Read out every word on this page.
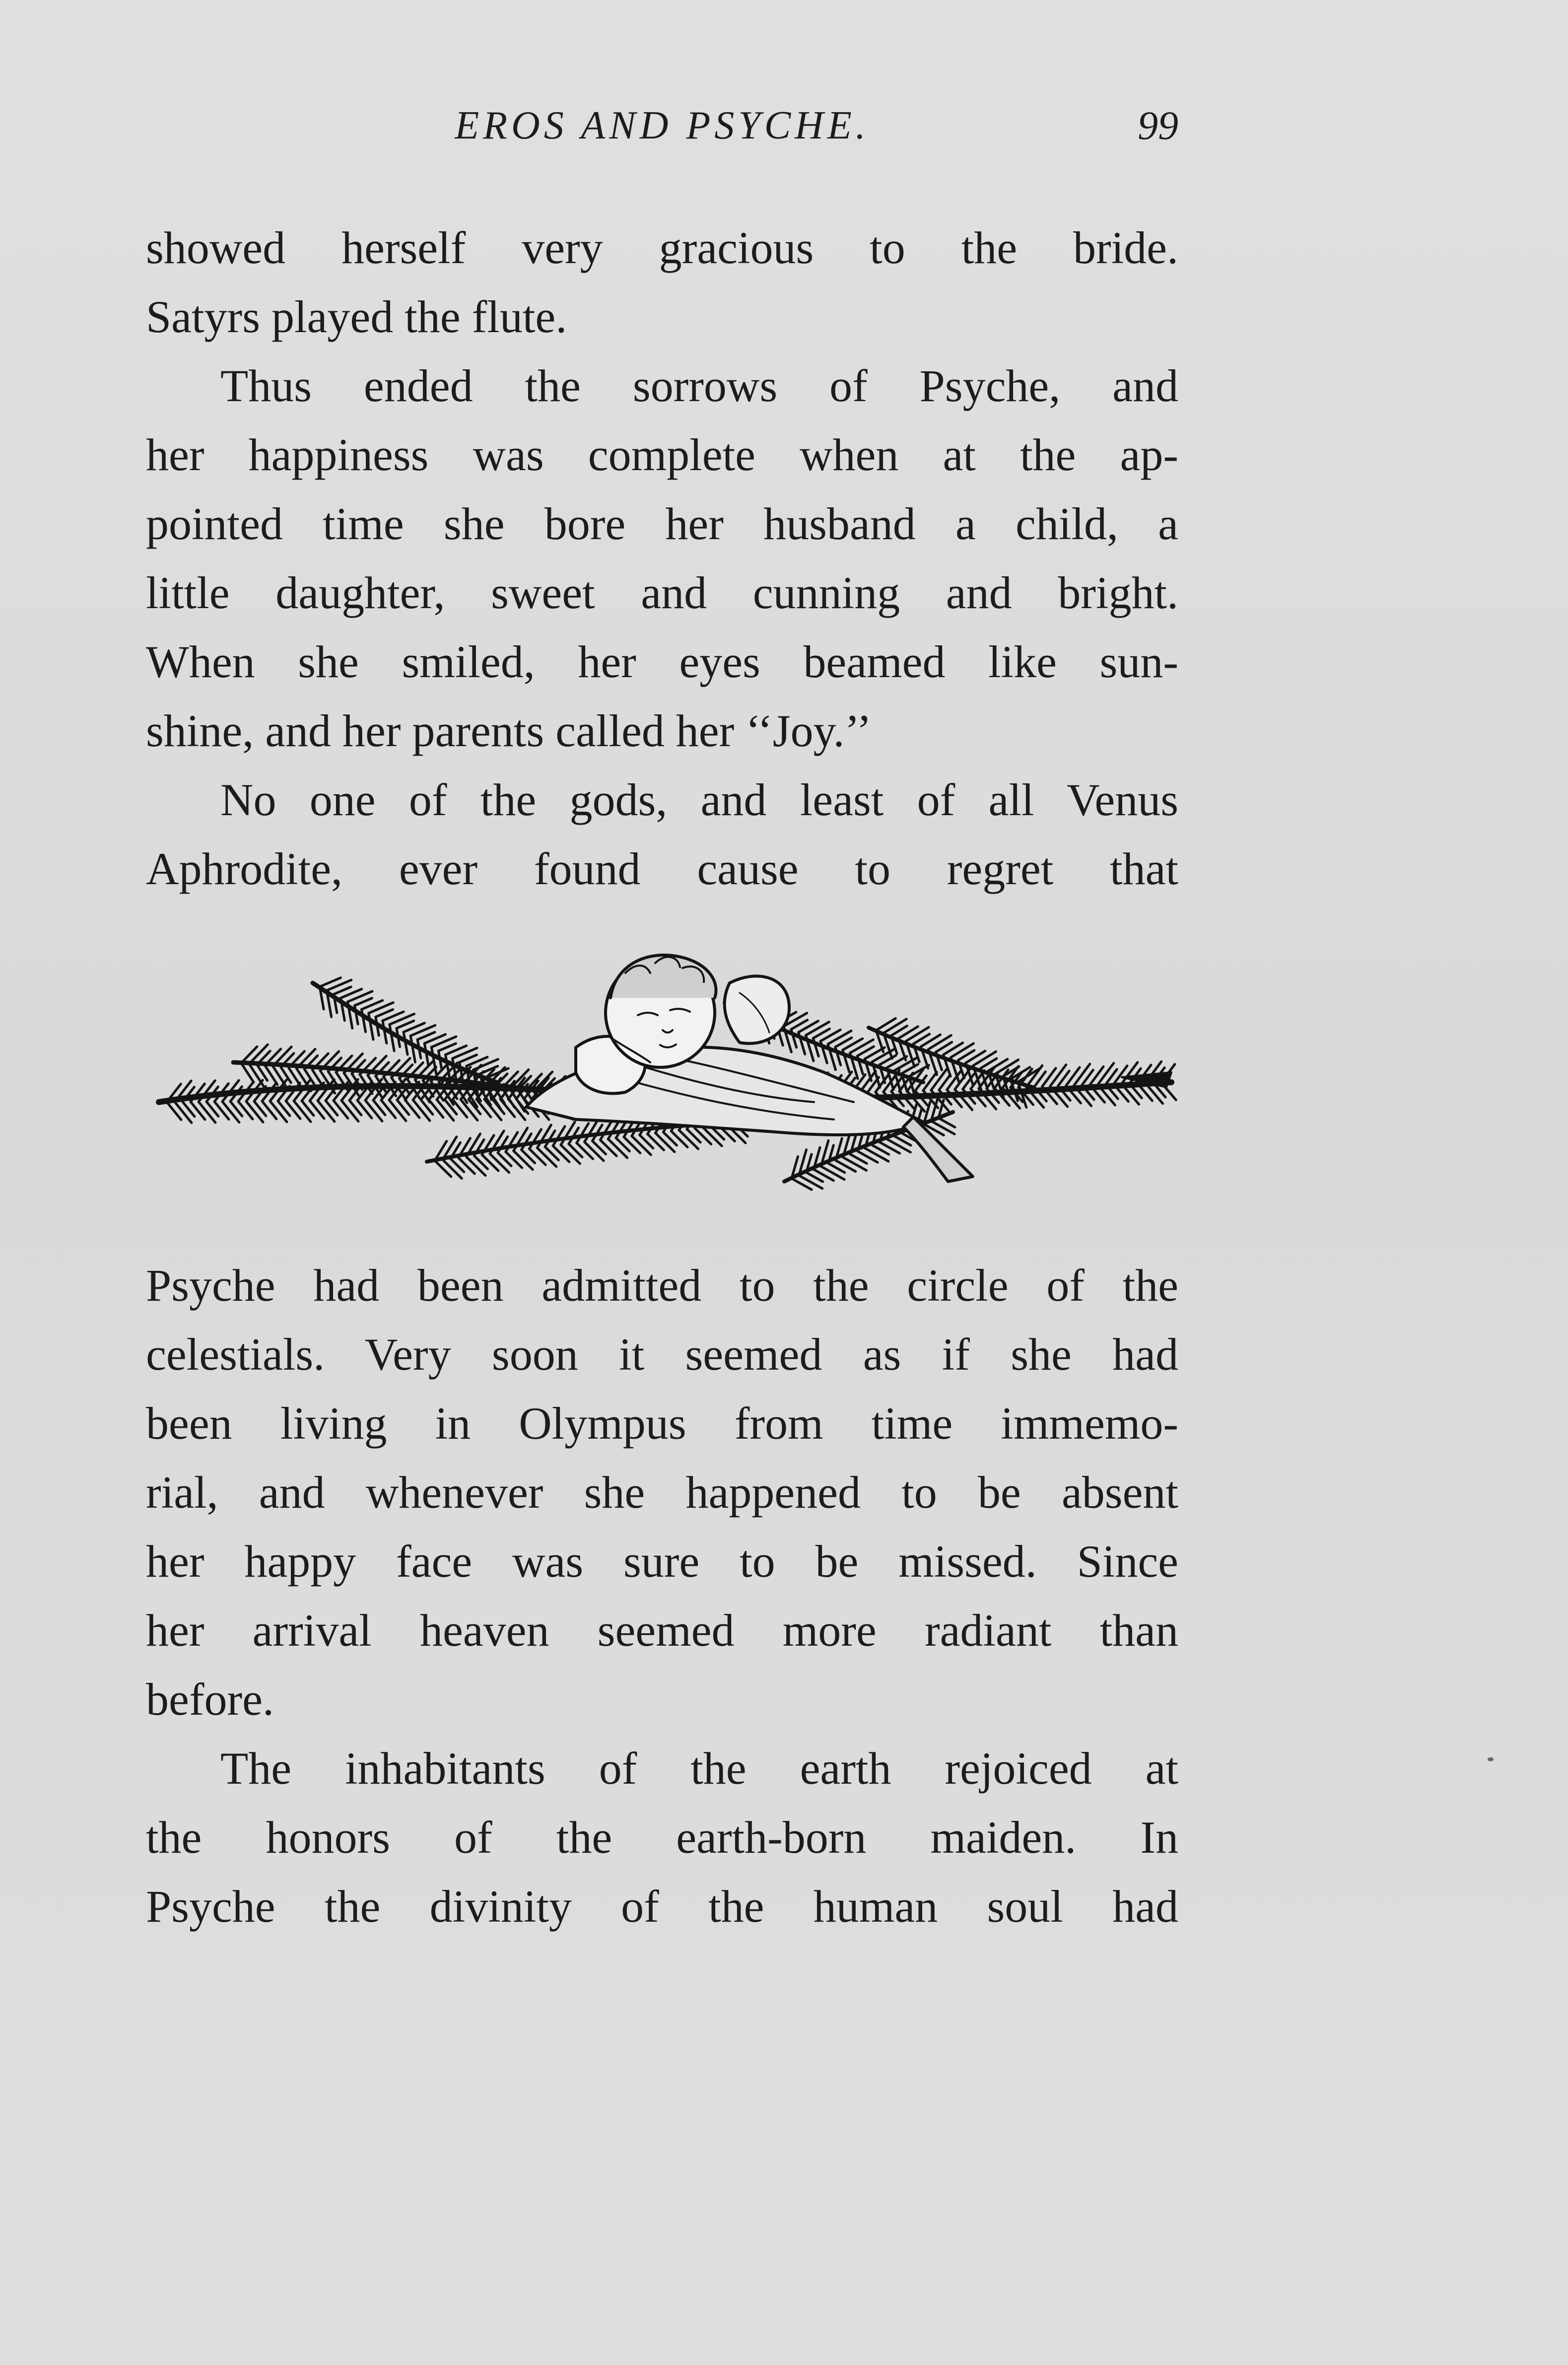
EROS AND PSYCHE.	99
showed herself very gracious to the bride.
Satyrs played the flute.
Thus ended the sorrows of Psyche, and
her happiness was complete when at the ap-
pointed time she bore her husband a child, a
little daughter, sweet and cunning and bright.
When she smiled, her eyes beamed like sun-
shine, and her parents called her ‘‘Joy.’’
No one of the gods, and least of all Venus
Aphrodite, ever found cause to regret that
Psyche had been admitted to the circle of the
celestials. Very soon it seemed as if she had
been living in Olympus from time immemo-
rial, and whenever she happened to be absent
her happy face was sure to be missed. Since
her arrival heaven seemed more radiant than
before.
The inhabitants of the earth rejoiced at
the honors of the earth-born maiden. In
Psyche the divinity of the human soul had
